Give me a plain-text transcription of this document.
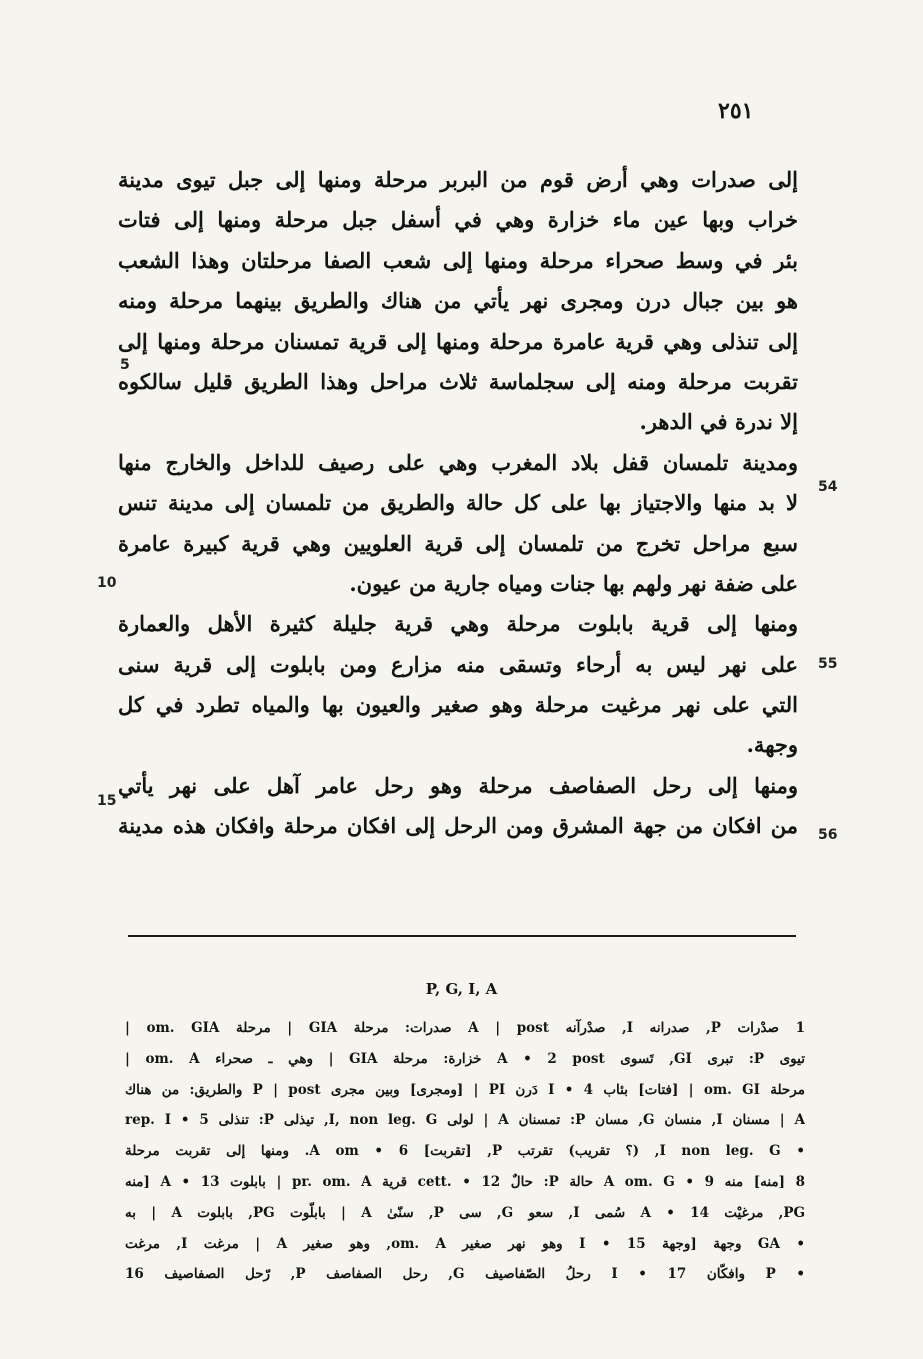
٢٥١
إلى صدرات وهي أرض قوم من البربر مرحلة ومنها إلى جبل تيوى مدينة
خراب وبها عين ماء خزارة وهي في أسفل جبل مرحلة ومنها إلى فتات
بئر في وسط صحراء مرحلة ومنها إلى شعب الصفا مرحلتان وهذا الشعب
هو بين جبال درن ومجرى نهر يأتي من هناك والطريق بينهما مرحلة ومنه
إلى تنذلى وهي قرية عامرة مرحلة ومنها إلى قرية تمسنان مرحلة ومنها إلى
تقربت مرحلة ومنه إلى سجلماسة ثلاث مراحل وهذا الطريق قليل سالكوه
إلا ندرة في الدهر.
ومدينة تلمسان قفل بلاد المغرب وهي على رصيف للداخل والخارج منها
لا بد منها والاجتياز بها على كل حالة والطريق من تلمسان إلى مدينة تنس
سبع مراحل تخرج من تلمسان إلى قرية العلويين وهي قرية كبيرة عامرة
على ضفة نهر ولهم بها جنات ومياه جارية من عيون.
ومنها إلى قرية بابلوت مرحلة وهي قرية جليلة كثيرة الأهل والعمارة
على نهر ليس به أرحاء وتسقى منه مزارع ومن بابلوت إلى قرية سنى
التي على نهر مرغيت مرحلة وهو صغير والعيون بها والمياه تطرد في كل
وجهة.
ومنها إلى رحل الصفاصف مرحلة وهو رحل عامر آهل على نهر يأتي
من افكان من جهة المشرق ومن الرحل إلى افكان مرحلة وافكان هذه مدينة
54
55
56
5
10
15
P, G, I, A
1 صدْرات P, صدرانه I, صدْرآنه A | post صدرات: مرحلة GIA | مرحلة om. GIA |
تيوى P: تبرى GI, تَسوى A • 2 post خزارة: مرحلة GIA | وهي ـ صحراء om. A |
مرحلة om. GI | [فتات] بئاب I • 4 دَرن PI | [ومجرى] وبين مجرى P | post والطريق: من هناك
A | مسنان I, منسان G, مسان P: تمسنان A | لولى I, non leg. G, تيذلى P: تنذلى 5 • rep. I
• I non leg. G, (؟ تقريب) تقرتب P, [تقربت] 6 • A om. ومنها إلى تقربت مرحلة
8 [منه] منه A om. G • 9 حالة P: حالٌ cett. • 12 قرية pr. om. A | بابلوت A • 13 [منه
PG, مرغيْت 14 • A سُمى I, سعو G, سى P, سنّىٰ A | بابلّوت PG, بابلوت A | به
• GA وجهة [وجهة 15 • I وهو نهر صغير om. A, وهو صغير A | مرغت I, مرغت
• P وافكّان 17 • I رحلُ الصّفاصيف G, رحل الصفاصف P, رّحل الصفاصيف 16
